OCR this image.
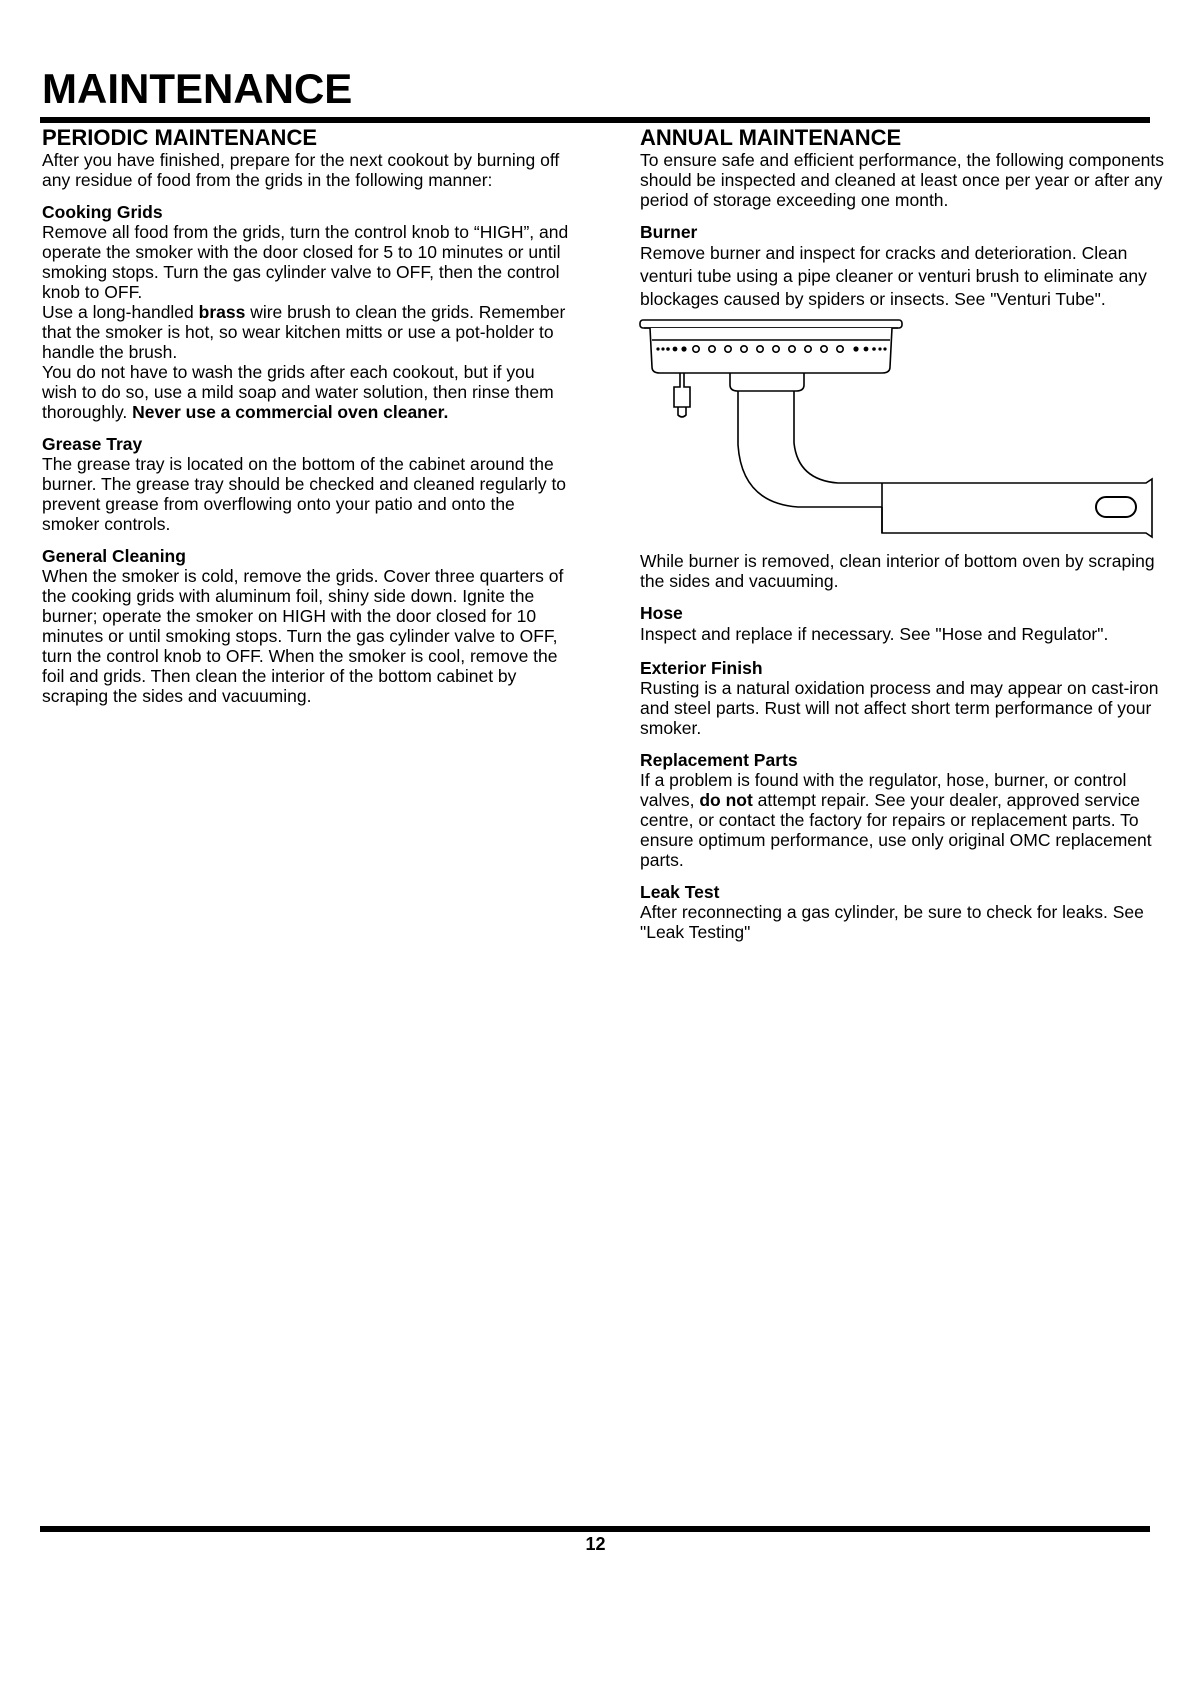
MAINTENANCE
PERIODIC MAINTENANCE

After you have finished, prepare for the next cookout by burning off any residue of food from the grids in the following manner:

Cooking Grids

Remove all food from the grids, turn the control knob to “HIGH”, and operate the smoker with the door closed for 5 to 10 minutes or until smoking stops. Turn the gas cylinder valve to OFF, then the control knob to OFF.

Use a long-handled brass wire brush to clean the grids. Remember that the smoker is hot, so wear kitchen mitts or use a pot-holder to handle the brush.

You do not have to wash the grids after each cookout, but if you wish to do so, use a mild soap and water solution, then rinse them thoroughly. Never use a commercial oven cleaner.

Grease Tray

The grease tray is located on the bottom of the cabinet around the burner. The grease tray should be checked and cleaned regularly to prevent grease from overflowing onto your patio and onto the smoker controls.

General Cleaning

When the smoker is cold, remove the grids. Cover three quarters of the cooking grids with aluminum foil, shiny side down. Ignite the burner; operate the smoker on HIGH with the door closed for 10 minutes or until smoking stops. Turn the gas cylinder valve to OFF, turn the control knob to OFF. When the smoker is cool, remove the foil and grids. Then clean the interior of the bottom cabinet by scraping the sides and vacuuming.

ANNUAL MAINTENANCE

To ensure safe and efficient performance, the following components should be inspected and cleaned at least once per year or after any period of storage exceeding one month.

Burner

Remove burner and inspect for cracks and deterioration. Clean venturi tube using a pipe cleaner or venturi brush to eliminate any blockages caused by spiders or insects. See "Venturi Tube".

While burner is removed, clean interior of bottom oven by scraping the sides and vacuuming.

Hose

Inspect and replace if necessary. See "Hose and Regulator".

Exterior Finish

Rusting is a natural oxidation process and may appear on cast-iron and steel parts. Rust will not affect short term performance of your smoker.

Replacement Parts

If a problem is found with the regulator, hose, burner, or control valves, do not attempt repair. See your dealer, approved service centre, or contact the factory for repairs or replacement parts. To ensure optimum performance, use only original OMC replacement parts.

Leak Test

After reconnecting a gas cylinder, be sure to check for leaks. See "Leak Testing"

12
